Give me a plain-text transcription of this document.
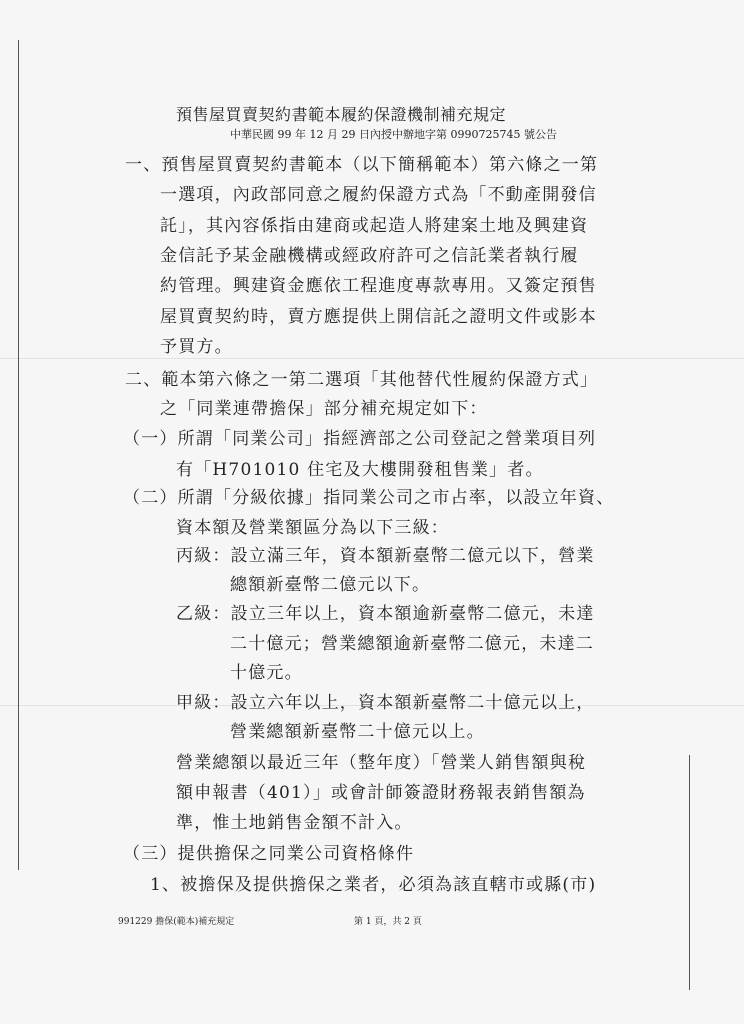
預售屋買賣契約書範本履約保證機制補充規定
中華民國 99 年 12 月 29 日內授中辦地字第 0990725745 號公告
一、預售屋買賣契約書範本（以下簡稱範本）第六條之一第
一選項，內政部同意之履約保證方式為「不動產開發信
託」，其內容係指由建商或起造人將建案土地及興建資
金信託予某金融機構或經政府許可之信託業者執行履
約管理。興建資金應依工程進度專款專用。又簽定預售
屋買賣契約時，賣方應提供上開信託之證明文件或影本
予買方。
二、範本第六條之一第二選項「其他替代性履約保證方式」
之「同業連帶擔保」部分補充規定如下：
（一）所謂「同業公司」指經濟部之公司登記之營業項目列
有「H701010 住宅及大樓開發租售業」者。
（二）所謂「分級依據」指同業公司之市占率，以設立年資、
資本額及營業額區分為以下三級：
丙級：設立滿三年，資本額新臺幣二億元以下，營業
總額新臺幣二億元以下。
乙級：設立三年以上，資本額逾新臺幣二億元，未達
二十億元；營業總額逾新臺幣二億元，未達二
十億元。
甲級：設立六年以上，資本額新臺幣二十億元以上，
營業總額新臺幣二十億元以上。
營業總額以最近三年（整年度）「營業人銷售額與稅
額申報書（401）」或會計師簽證財務報表銷售額為
準，惟土地銷售金額不計入。
（三）提供擔保之同業公司資格條件
1、被擔保及提供擔保之業者，必須為該直轄市或縣(市)
991229 擔保(範本)補充規定	第 1 頁，共 2 頁
